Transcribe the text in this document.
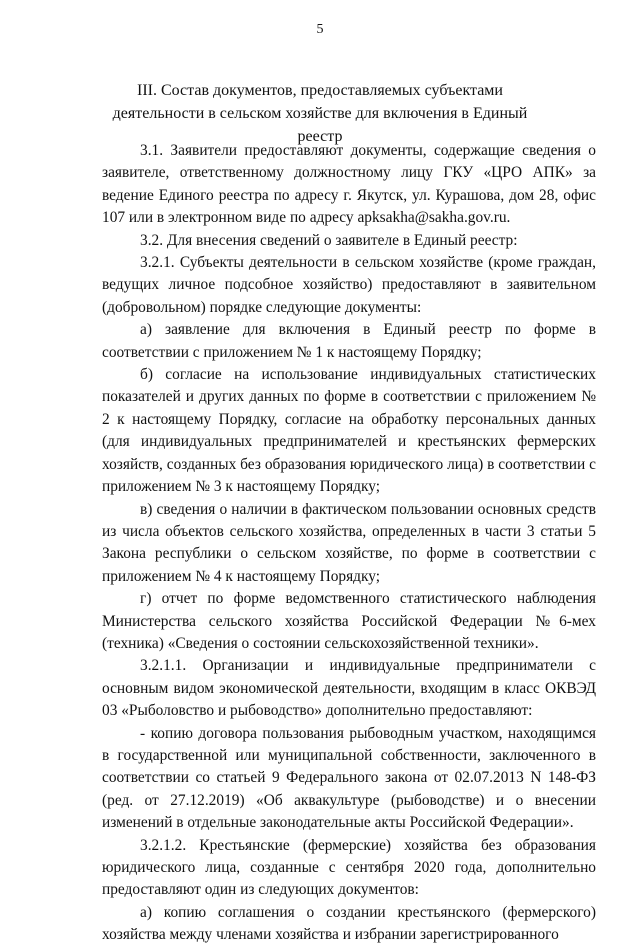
5
III. Состав документов, предоставляемых субъектами деятельности в сельском хозяйстве для включения в Единый реестр

3.1. Заявители предоставляют документы, содержащие сведения о заявителе, ответственному должностному лицу ГКУ «ЦРО АПК» за ведение Единого реестра по адресу г. Якутск, ул. Курашова, дом 28, офис 107 или в электронном виде по адресу apksakha@sakha.gov.ru.

3.2. Для внесения сведений о заявителе в Единый реестр:

3.2.1. Субъекты деятельности в сельском хозяйстве (кроме граждан, ведущих личное подсобное хозяйство) предоставляют в заявительном (добровольном) порядке следующие документы:

а) заявление для включения в Единый реестр по форме в соответствии с приложением № 1 к настоящему Порядку;

б) согласие на использование индивидуальных статистических показателей и других данных по форме в соответствии с приложением № 2 к настоящему Порядку, согласие на обработку персональных данных (для индивидуальных предпринимателей и крестьянских фермерских хозяйств, созданных без образования юридического лица) в соответствии с приложением № 3 к настоящему Порядку;

в) сведения о наличии в фактическом пользовании основных средств из числа объектов сельского хозяйства, определенных в части 3 статьи 5 Закона республики о сельском хозяйстве, по форме в соответствии с приложением № 4 к настоящему Порядку;

г) отчет по форме ведомственного статистического наблюдения Министерства сельского хозяйства Российской Федерации №6-мех (техника) «Сведения о состоянии сельскохозяйственной техники».

3.2.1.1. Организации и индивидуальные предприниматели с основным видом экономической деятельности, входящим в класс ОКВЭД 03 «Рыболовство и рыбоводство» дополнительно предоставляют:

- копию договора пользования рыбоводным участком, находящимся в государственной или муниципальной собственности, заключенного в соответствии со статьей 9 Федерального закона от 02.07.2013 N 148-ФЗ (ред. от 27.12.2019) «Об аквакультуре (рыбоводстве) и о внесении изменений в отдельные законодательные акты Российской Федерации».

3.2.1.2. Крестьянские (фермерские) хозяйства без образования юридического лица, созданные с сентября 2020 года, дополнительно предоставляют один из следующих документов:

а) копию соглашения о создании крестьянского (фермерского) хозяйства между членами хозяйства и избрании зарегистрированного
